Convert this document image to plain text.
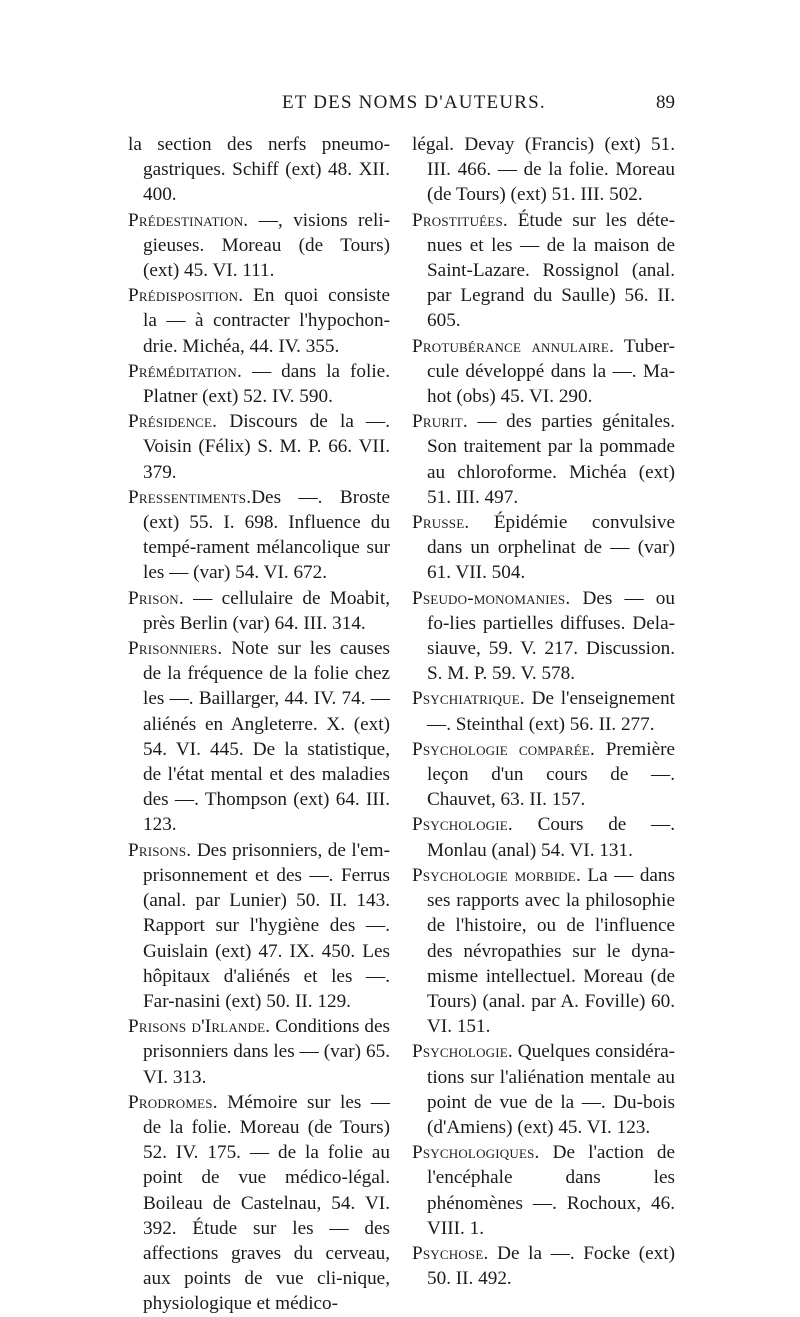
ET DES NOMS D'AUTEURS.	89

la section des nerfs pneumo-gastriques. Schiff (ext) 48. XII. 400.

Prédestination. —, visions reli-gieuses. Moreau (de Tours) (ext) 45. VI. 111.

Prédisposition. En quoi consiste la — à contracter l'hypochon-drie. Michéa, 44. IV. 355.

Préméditation. — dans la folie. Platner (ext) 52. IV. 590.

Présidence. Discours de la —. Voisin (Félix) S. M. P. 66. VII. 379.

Pressentiments.Des —. Broste (ext) 55. I. 698. Influence du tempé-rament mélancolique sur les — (var) 54. VI. 672.

Prison. — cellulaire de Moabit, près Berlin (var) 64. III. 314.

Prisonniers. Note sur les causes de la fréquence de la folie chez les —. Baillarger, 44. IV. 74. — aliénés en Angleterre. X. (ext) 54. VI. 445. De la statistique, de l'état mental et des maladies des —. Thompson (ext) 64. III. 123.

Prisons. Des prisonniers, de l'em-prisonnement et des —. Ferrus (anal. par Lunier) 50. II. 143. Rapport sur l'hygiène des —. Guislain (ext) 47. IX. 450. Les hôpitaux d'aliénés et les —. Far-nasini (ext) 50. II. 129.

Prisons d'Irlande. Conditions des prisonniers dans les — (var) 65. VI. 313.

Prodromes. Mémoire sur les — de la folie. Moreau (de Tours) 52. IV. 175. — de la folie au point de vue médico-légal. Boileau de Castelnau, 54. VI. 392. Étude sur les — des affections graves du cerveau, aux points de vue cli-nique, physiologique et médico-

légal. Devay (Francis) (ext) 51. III. 466. — de la folie. Moreau (de Tours) (ext) 51. III. 502.

Prostituées. Étude sur les déte-nues et les — de la maison de Saint-Lazare. Rossignol (anal. par Legrand du Saulle) 56. II. 605.

Protubérance annulaire. Tuber-cule développé dans la —. Ma-hot (obs) 45. VI. 290.

Prurit. — des parties génitales. Son traitement par la pommade au chloroforme. Michéa (ext) 51. III. 497.

Prusse. Épidémie convulsive dans un orphelinat de — (var) 61. VII. 504.

Pseudo-monomanies. Des — ou fo-lies partielles diffuses. Dela-siauve, 59. V. 217. Discussion. S. M. P. 59. V. 578.

Psychiatrique. De l'enseignement —. Steinthal (ext) 56. II. 277.

Psychologie comparée. Première leçon d'un cours de —. Chauvet, 63. II. 157.

Psychologie. Cours de —. Monlau (anal) 54. VI. 131.

Psychologie morbide. La — dans ses rapports avec la philosophie de l'histoire, ou de l'influence des névropathies sur le dyna-misme intellectuel. Moreau (de Tours) (anal. par A. Foville) 60. VI. 151.

Psychologie. Quelques considéra-tions sur l'aliénation mentale au point de vue de la —. Du-bois (d'Amiens) (ext) 45. VI. 123.

Psychologiques. De l'action de l'encéphale dans les phénomènes —. Rochoux, 46. VIII. 1.

Psychose. De la —. Focke (ext) 50. II. 492.
